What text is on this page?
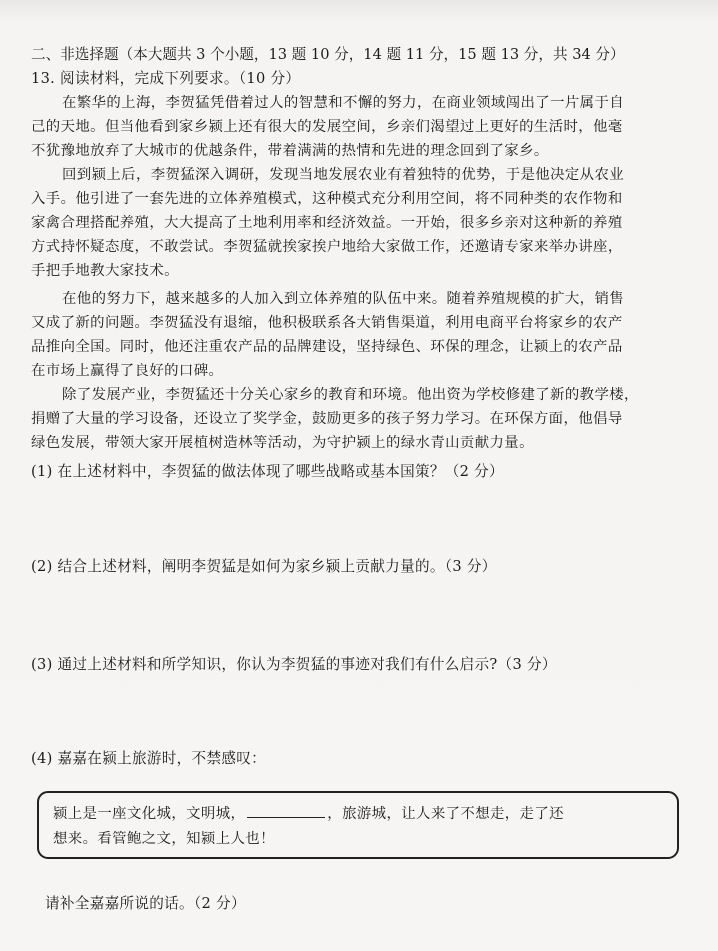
二、非选择题（本大题共 3 个小题，13 题 10 分，14 题 11 分，15 题 13 分，共 34 分）
13. 阅读材料，完成下列要求。（10 分）
在繁华的上海，李贺猛凭借着过人的智慧和不懈的努力，在商业领域闯出了一片属于自
己的天地。但当他看到家乡颍上还有很大的发展空间，乡亲们渴望过上更好的生活时，他毫
不犹豫地放弃了大城市的优越条件，带着满满的热情和先进的理念回到了家乡。
回到颍上后，李贺猛深入调研，发现当地发展农业有着独特的优势，于是他决定从农业
入手。他引进了一套先进的立体养殖模式，这种模式充分利用空间，将不同种类的农作物和
家禽合理搭配养殖，大大提高了土地利用率和经济效益。一开始，很多乡亲对这种新的养殖
方式持怀疑态度，不敢尝试。李贺猛就挨家挨户地给大家做工作，还邀请专家来举办讲座，
手把手地教大家技术。
在他的努力下，越来越多的人加入到立体养殖的队伍中来。随着养殖规模的扩大，销售
又成了新的问题。李贺猛没有退缩，他积极联系各大销售渠道，利用电商平台将家乡的农产
品推向全国。同时，他还注重农产品的品牌建设，坚持绿色、环保的理念，让颍上的农产品
在市场上赢得了良好的口碑。
除了发展产业，李贺猛还十分关心家乡的教育和环境。他出资为学校修建了新的教学楼，
捐赠了大量的学习设备，还设立了奖学金，鼓励更多的孩子努力学习。在环保方面，他倡导
绿色发展，带领大家开展植树造林等活动，为守护颍上的绿水青山贡献力量。
(1) 在上述材料中，李贺猛的做法体现了哪些战略或基本国策？（2 分）
(2) 结合上述材料，阐明李贺猛是如何为家乡颍上贡献力量的。（3 分）
(3) 通过上述材料和所学知识，你认为李贺猛的事迹对我们有什么启示?（3 分）
(4) 嘉嘉在颍上旅游时，不禁感叹：
颍上是一座文化城，文明城，	，旅游城，让人来了不想走，走了还
想来。看管鲍之文，知颍上人也！
请补全嘉嘉所说的话。（2 分）
